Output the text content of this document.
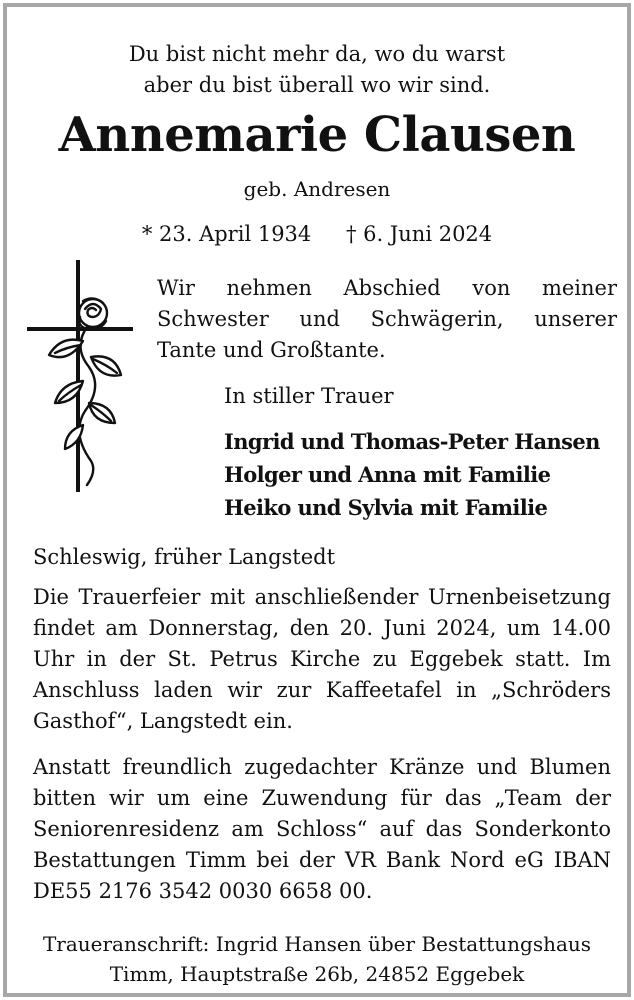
Du bist nicht mehr da, wo du warst
aber du bist überall wo wir sind.
Annemarie Clausen
geb. Andresen
* 23. April 1934 † 6. Juni 2024
Wir nehmen Abschied von meiner
Schwester und Schwägerin, unserer
Tante und Großtante.
In stiller Trauer
Ingrid und Thomas-Peter Hansen
Holger und Anna mit Familie
Heiko und Sylvia mit Familie
Schleswig, früher Langstedt
Die Trauerfeier mit anschließender Urnenbeisetzung
findet am Donnerstag, den 20. Juni 2024, um 14.00
Uhr in der St. Petrus Kirche zu Eggebek statt. Im
Anschluss laden wir zur Kaffeetafel in „Schröders
Gasthof“, Langstedt ein.
Anstatt freundlich zugedachter Kränze und Blumen
bitten wir um eine Zuwendung für das „Team der
Seniorenresidenz am Schloss“ auf das Sonderkonto
Bestattungen Timm bei der VR Bank Nord eG IBAN
DE55 2176 3542 0030 6658 00.
Traueranschrift: Ingrid Hansen über Bestattungshaus
Timm, Hauptstraße 26b, 24852 Eggebek
